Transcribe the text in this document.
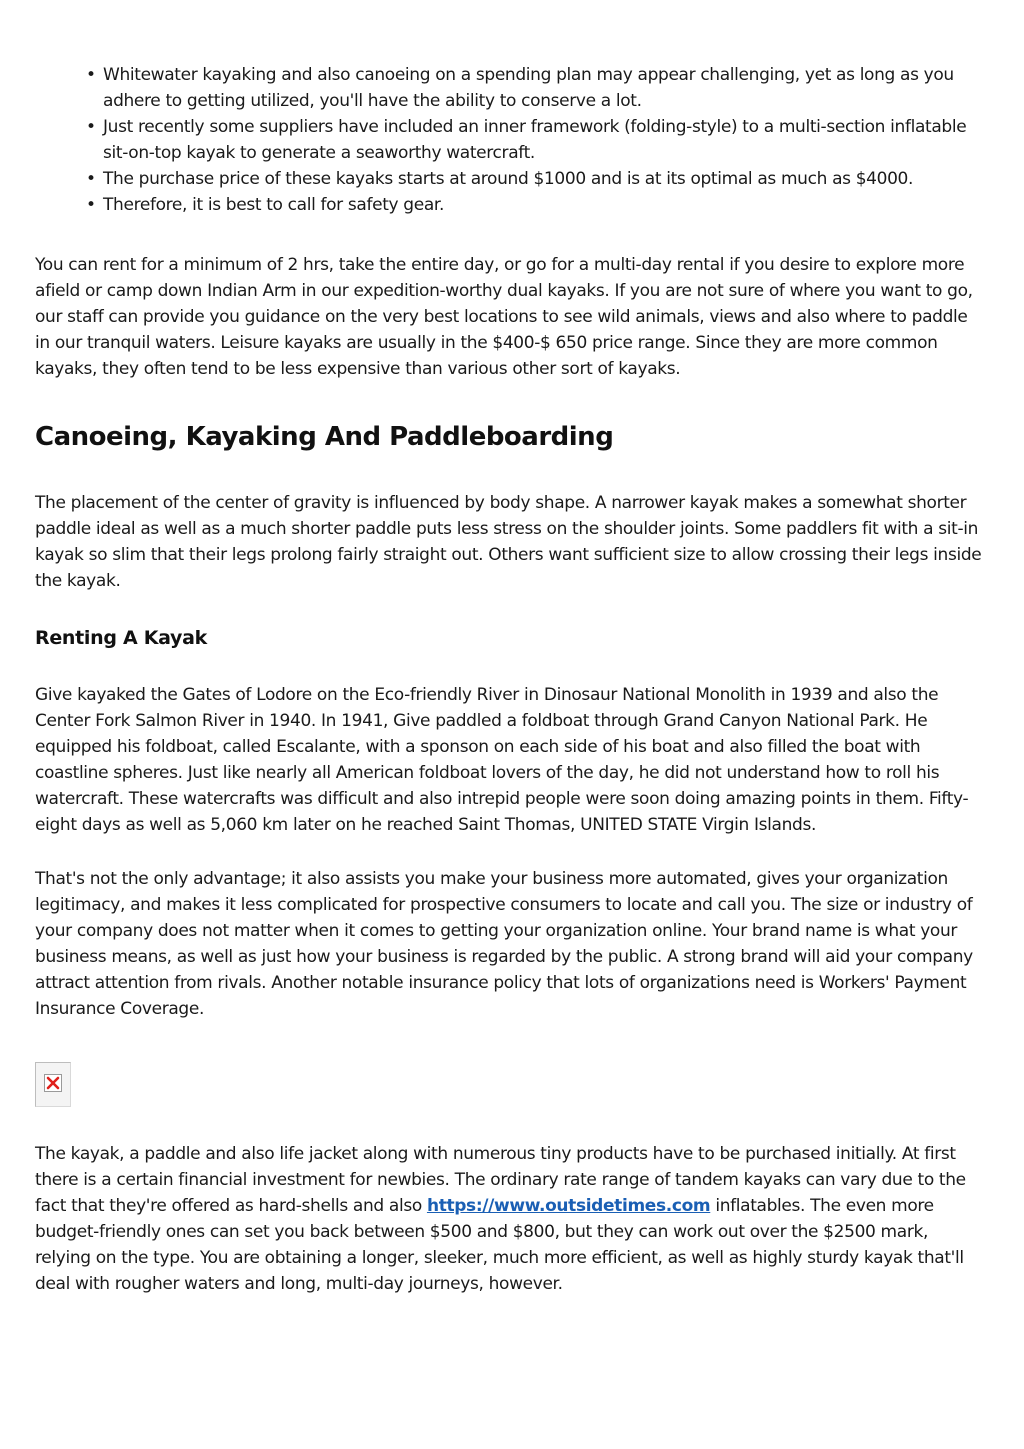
• Whitewater kayaking and also canoeing on a spending plan may appear challenging, yet as long as you adhere to getting utilized, you'll have the ability to conserve a lot.
• Just recently some suppliers have included an inner framework (folding-style) to a multi-section inflatable sit-on-top kayak to generate a seaworthy watercraft.
• The purchase price of these kayaks starts at around $1000 and is at its optimal as much as $4000.
• Therefore, it is best to call for safety gear.

You can rent for a minimum of 2 hrs, take the entire day, or go for a multi-day rental if you desire to explore more afield or camp down Indian Arm in our expedition-worthy dual kayaks. If you are not sure of where you want to go, our staff can provide you guidance on the very best locations to see wild animals, views and also where to paddle in our tranquil waters. Leisure kayaks are usually in the $400-$ 650 price range. Since they are more common kayaks, they often tend to be less expensive than various other sort of kayaks.

Canoeing, Kayaking And Paddleboarding

The placement of the center of gravity is influenced by body shape. A narrower kayak makes a somewhat shorter paddle ideal as well as a much shorter paddle puts less stress on the shoulder joints. Some paddlers fit with a sit-in kayak so slim that their legs prolong fairly straight out. Others want sufficient size to allow crossing their legs inside the kayak.

Renting A Kayak

Give kayaked the Gates of Lodore on the Eco-friendly River in Dinosaur National Monolith in 1939 and also the Center Fork Salmon River in 1940. In 1941, Give paddled a foldboat through Grand Canyon National Park. He equipped his foldboat, called Escalante, with a sponson on each side of his boat and also filled the boat with coastline spheres. Just like nearly all American foldboat lovers of the day, he did not understand how to roll his watercraft. These watercrafts was difficult and also intrepid people were soon doing amazing points in them. Fifty-eight days as well as 5,060 km later on he reached Saint Thomas, UNITED STATE Virgin Islands.

That's not the only advantage; it also assists you make your business more automated, gives your organization legitimacy, and makes it less complicated for prospective consumers to locate and call you. The size or industry of your company does not matter when it comes to getting your organization online. Your brand name is what your business means, as well as just how your business is regarded by the public. A strong brand will aid your company attract attention from rivals. Another notable insurance policy that lots of organizations need is Workers' Payment Insurance Coverage.

The kayak, a paddle and also life jacket along with numerous tiny products have to be purchased initially. At first there is a certain financial investment for newbies. The ordinary rate range of tandem kayaks can vary due to the fact that they're offered as hard-shells and also https://www.outsidetimes.com inflatables. The even more budget-friendly ones can set you back between $500 and $800, but they can work out over the $2500 mark, relying on the type. You are obtaining a longer, sleeker, much more efficient, as well as highly sturdy kayak that'll deal with rougher waters and long, multi-day journeys, however.
